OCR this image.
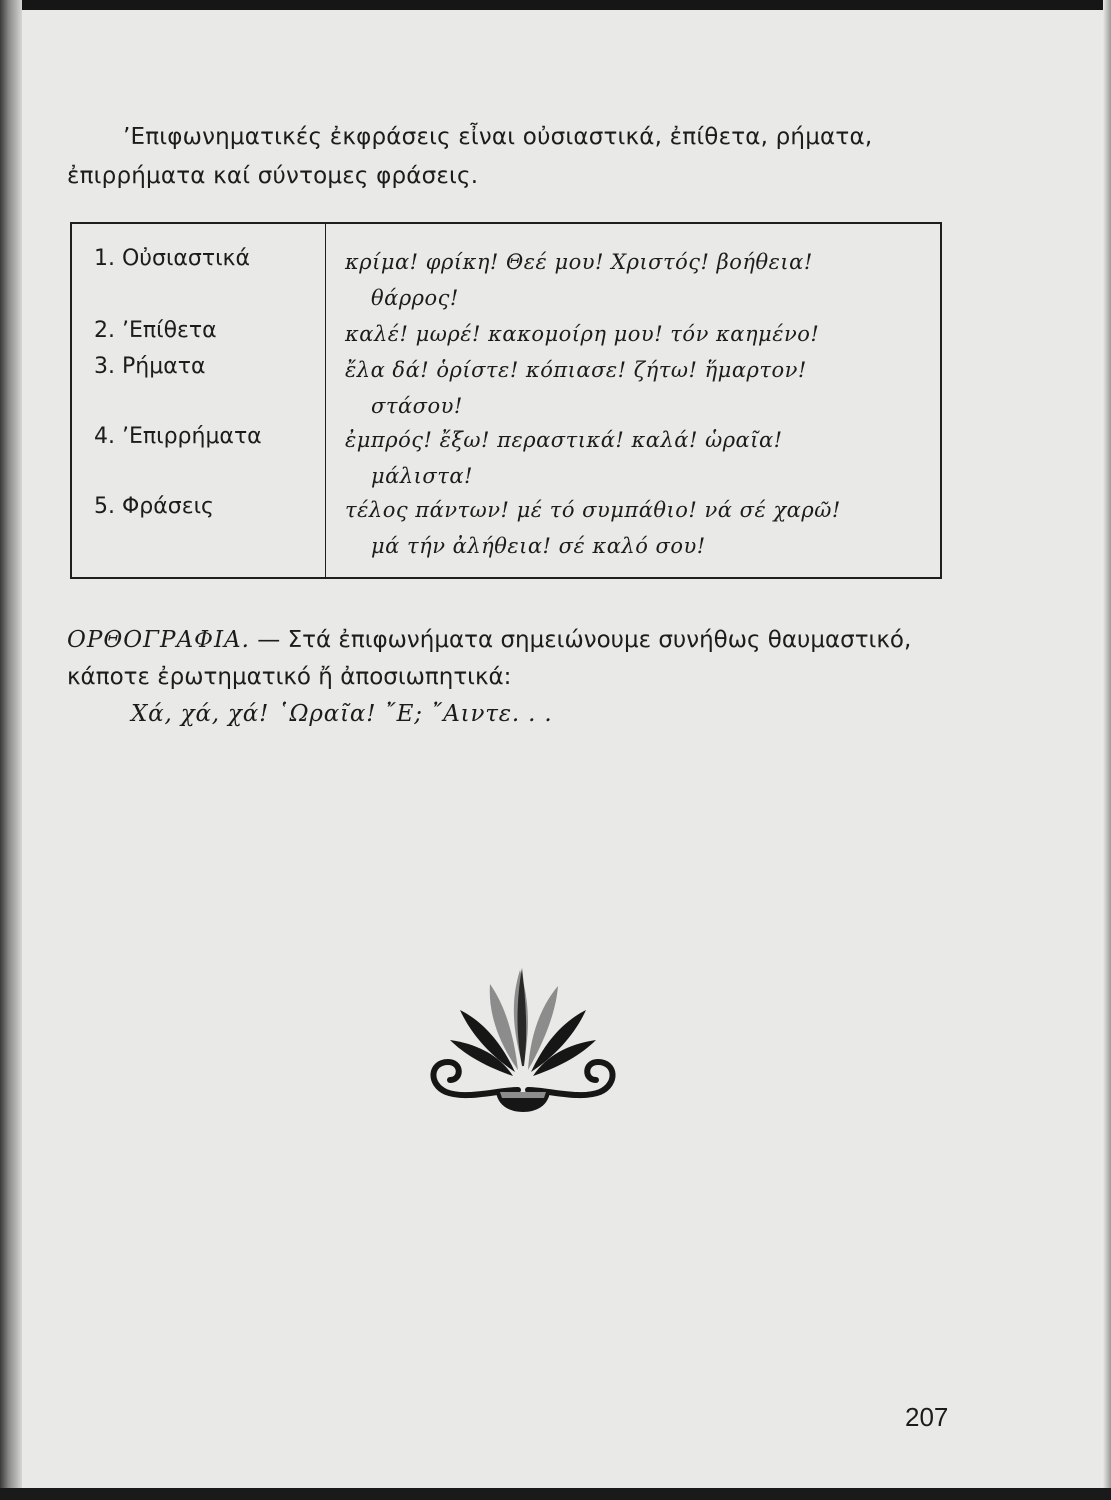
’Επιφωνηματικές ἐκφράσεις εἶναι οὐσιαστικά, ἐπίθετα, ρήματα, ἐπιρρήματα καί σύντομες φράσεις.

1. Οὐσιαστικά	κρίμα! φρίκη! Θεέ μου! Χριστός! βοήθεια!
θάρρος!
2. ’Επίθετα	καλέ! μωρέ! κακομοίρη μου! τόν καημένο!
3. Ρήματα	ἔλα δά! ὁρίστε! κόπιασε! ζήτω! ἥμαρτον!
στάσου!
4. ’Επιρρήματα	ἐμπρός! ἔξω! περαστικά! καλά! ὡραῖα!
μάλιστα!
5. Φράσεις	τέλος πάντων! μέ τό συμπάθιο! νά σέ χαρῶ!
μά τήν ἀλήθεια! σέ καλό σου!

ΟΡΘΟΓΡΑΦΙΑ. — Στά ἐπιφωνήματα σημειώνουμε συνήθως θαυμαστικό, κάποτε ἐρωτηματικό ἤ ἀποσιωπητικά:

Χά, χά, χά! ῾Ωραῖα! ῎Ε; ῎Αιντε. . .

207
